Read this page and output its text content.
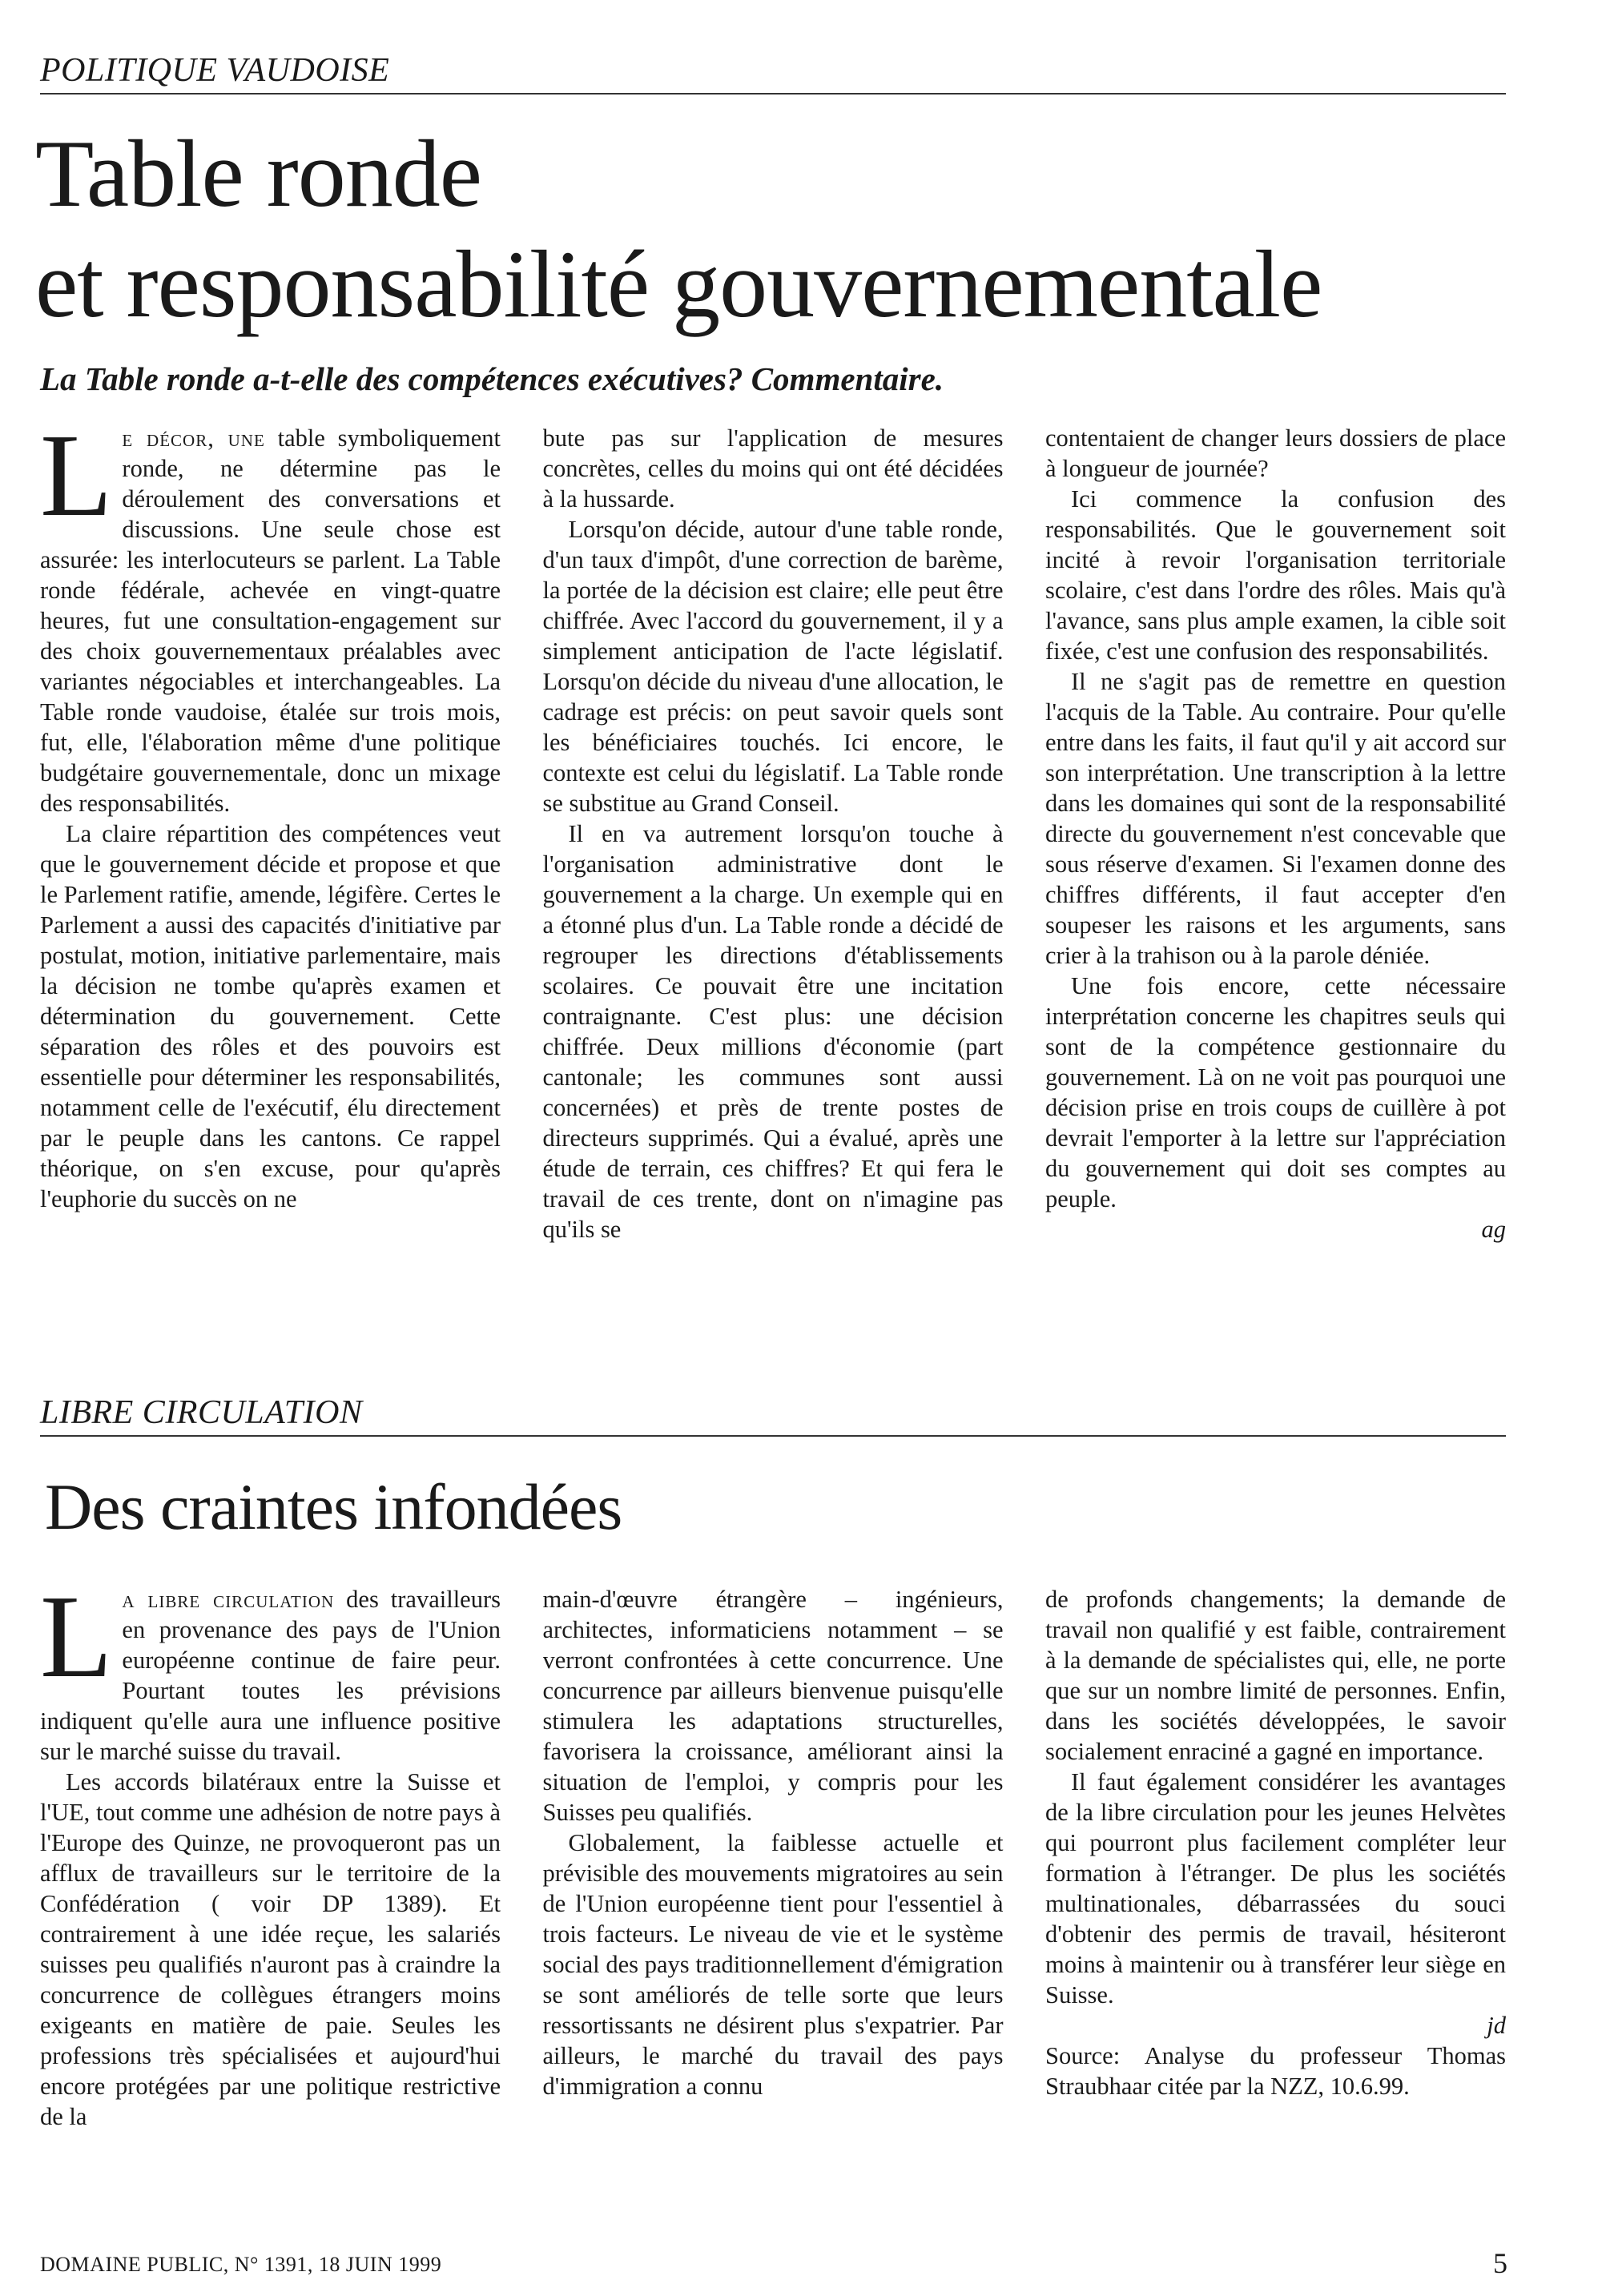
POLITIQUE VAUDOISE
Table ronde
et responsabilité gouvernementale
La Table ronde a-t-elle des compétences exécutives? Commentaire.

Le décor, une table symboliquement ronde, ne détermine pas le déroulement des conversations et discussions. Une seule chose est assurée: les interlocuteurs se parlent. La Table ronde fédérale, achevée en vingt-quatre heures, fut une consultation-engagement sur des choix gouvernementaux préalables avec variantes négociables et interchangeables. La Table ronde vaudoise, étalée sur trois mois, fut, elle, l'élaboration même d'une politique budgétaire gouvernementale, donc un mixage des responsabilités.

La claire répartition des compétences veut que le gouvernement décide et propose et que le Parlement ratifie, amende, légifère. Certes le Parlement a aussi des capacités d'initiative par postulat, motion, initiative parlementaire, mais la décision ne tombe qu'après examen et détermination du gouvernement. Cette séparation des rôles et des pouvoirs est essentielle pour déterminer les responsabilités, notamment celle de l'exécutif, élu directement par le peuple dans les cantons. Ce rappel théorique, on s'en excuse, pour qu'après l'euphorie du succès on ne

bute pas sur l'application de mesures concrètes, celles du moins qui ont été décidées à la hussarde.

Lorsqu'on décide, autour d'une table ronde, d'un taux d'impôt, d'une correction de barème, la portée de la décision est claire; elle peut être chiffrée. Avec l'accord du gouvernement, il y a simplement anticipation de l'acte législatif. Lorsqu'on décide du niveau d'une allocation, le cadrage est précis: on peut savoir quels sont les bénéficiaires touchés. Ici encore, le contexte est celui du législatif. La Table ronde se substitue au Grand Conseil.

Il en va autrement lorsqu'on touche à l'organisation administrative dont le gouvernement a la charge. Un exemple qui en a étonné plus d'un. La Table ronde a décidé de regrouper les directions d'établissements scolaires. Ce pouvait être une incitation contraignante. C'est plus: une décision chiffrée. Deux millions d'économie (part cantonale; les communes sont aussi concernées) et près de trente postes de directeurs supprimés. Qui a évalué, après une étude de terrain, ces chiffres? Et qui fera le travail de ces trente, dont on n'imagine pas qu'ils se

contentaient de changer leurs dossiers de place à longueur de journée?

Ici commence la confusion des responsabilités. Que le gouvernement soit incité à revoir l'organisation territoriale scolaire, c'est dans l'ordre des rôles. Mais qu'à l'avance, sans plus ample examen, la cible soit fixée, c'est une confusion des responsabilités.

Il ne s'agit pas de remettre en question l'acquis de la Table. Au contraire. Pour qu'elle entre dans les faits, il faut qu'il y ait accord sur son interprétation. Une transcription à la lettre dans les domaines qui sont de la responsabilité directe du gouvernement n'est concevable que sous réserve d'examen. Si l'examen donne des chiffres différents, il faut accepter d'en soupeser les raisons et les arguments, sans crier à la trahison ou à la parole déniée.

Une fois encore, cette nécessaire interprétation concerne les chapitres seuls qui sont de la compétence gestionnaire du gouvernement. Là on ne voit pas pourquoi une décision prise en trois coups de cuillère à pot devrait l'emporter à la lettre sur l'appréciation du gouvernement qui doit ses comptes au peuple.

ag
LIBRE CIRCULATION
Des craintes infondées

La libre circulation des travailleurs en provenance des pays de l'Union européenne continue de faire peur. Pourtant toutes les prévisions indiquent qu'elle aura une influence positive sur le marché suisse du travail.

Les accords bilatéraux entre la Suisse et l'UE, tout comme une adhésion de notre pays à l'Europe des Quinze, ne provoqueront pas un afflux de travailleurs sur le territoire de la Confédération ( voir DP 1389). Et contrairement à une idée reçue, les salariés suisses peu qualifiés n'auront pas à craindre la concurrence de collègues étrangers moins exigeants en matière de paie. Seules les professions très spécialisées et aujourd'hui encore protégées par une politique restrictive de la

main-d'œuvre étrangère – ingénieurs, architectes, informaticiens notamment – se verront confrontées à cette concurrence. Une concurrence par ailleurs bienvenue puisqu'elle stimulera les adaptations structurelles, favorisera la croissance, améliorant ainsi la situation de l'emploi, y compris pour les Suisses peu qualifiés.

Globalement, la faiblesse actuelle et prévisible des mouvements migratoires au sein de l'Union européenne tient pour l'essentiel à trois facteurs. Le niveau de vie et le système social des pays traditionnellement d'émigration se sont améliorés de telle sorte que leurs ressortissants ne désirent plus s'expatrier. Par ailleurs, le marché du travail des pays d'immigration a connu

de profonds changements; la demande de travail non qualifié y est faible, contrairement à la demande de spécialistes qui, elle, ne porte que sur un nombre limité de personnes. Enfin, dans les sociétés développées, le savoir socialement enraciné a gagné en importance.

Il faut également considérer les avantages de la libre circulation pour les jeunes Helvètes qui pourront plus facilement compléter leur formation à l'étranger. De plus les sociétés multinationales, débarrassées du souci d'obtenir des permis de travail, hésiteront moins à maintenir ou à transférer leur siège en Suisse.

jd

Source: Analyse du professeur Thomas Straubhaar citée par la NZZ, 10.6.99.

DOMAINE PUBLIC, N° 1391, 18 JUIN 1999	5
